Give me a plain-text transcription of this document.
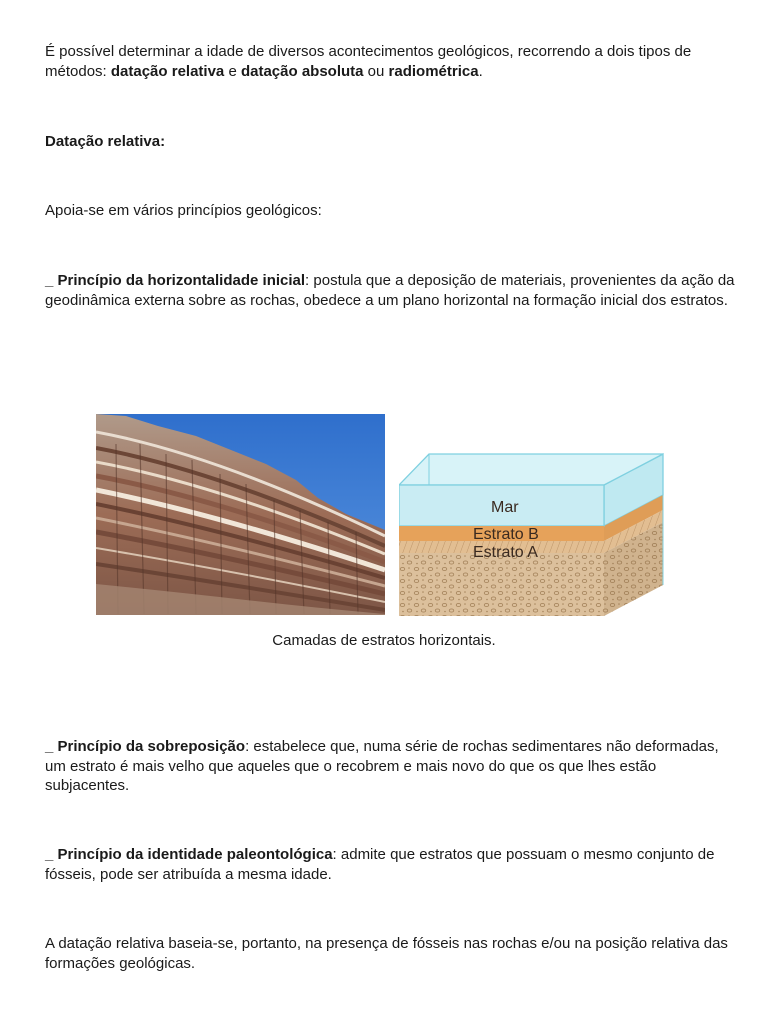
É possível determinar a idade de diversos acontecimentos geológicos, recorrendo a dois tipos de métodos: datação relativa e datação absoluta ou radiométrica.

Datação relativa:

Apoia-se em vários princípios geológicos:

_ Princípio da horizontalidade inicial: postula que a deposição de materiais, provenientes da ação da geodinâmica externa sobre as rochas, obedece a um plano horizontal na formação inicial dos estratos.

Mar
Estrato B
Estrato A
Camadas de estratos horizontais.

_ Princípio da sobreposição: estabelece que, numa série de rochas sedimentares não deformadas, um estrato é mais velho que aqueles que o recobrem e mais novo do que os que lhes estão subjacentes.

_ Princípio da identidade paleontológica: admite que estratos que possuam o mesmo conjunto de fósseis, pode ser atribuída a mesma idade.

A datação relativa baseia-se, portanto, na presença de fósseis nas rochas e/ou na posição relativa das formações geológicas.
